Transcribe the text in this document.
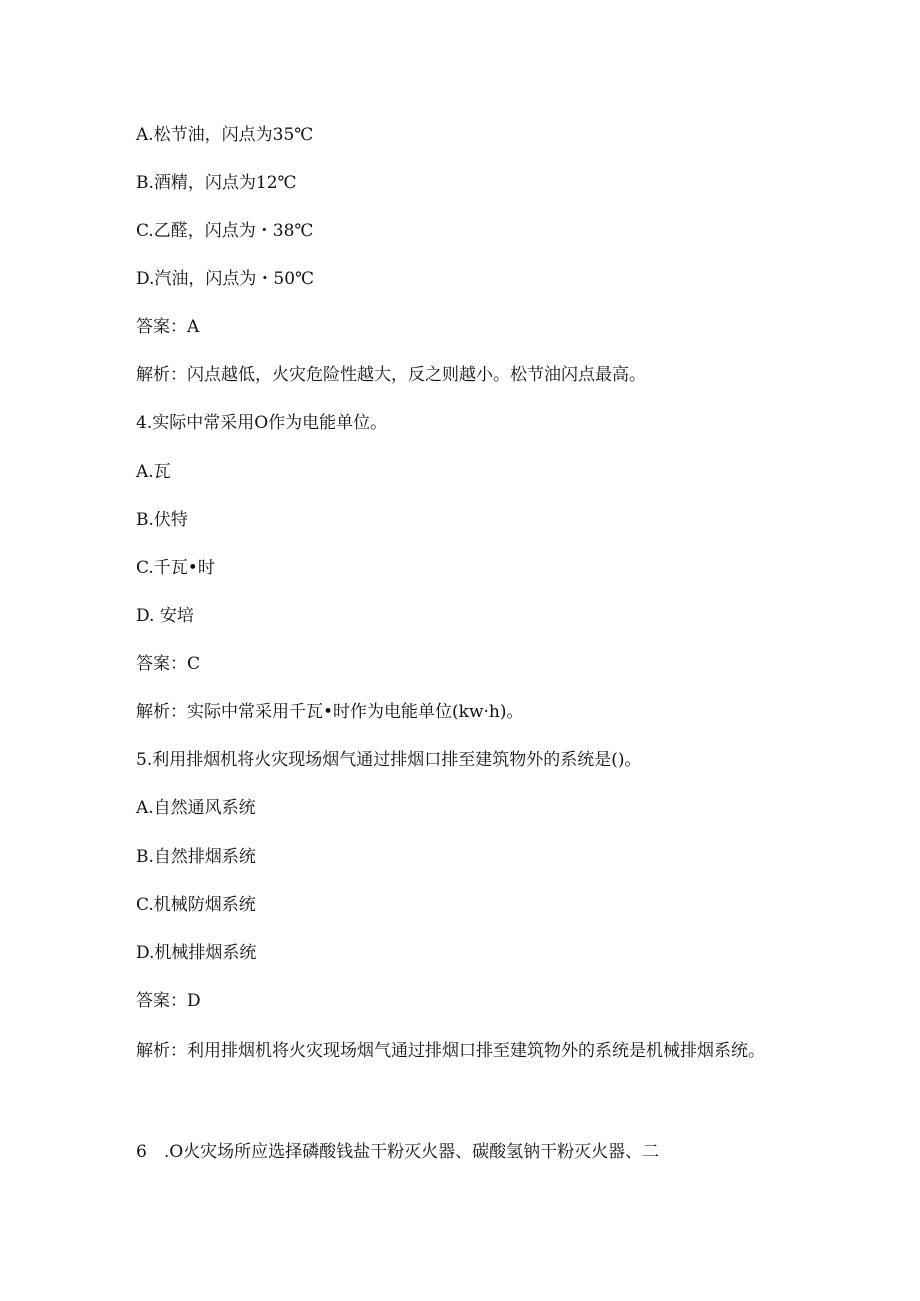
A.松节油，闪点为35℃
B.酒精，闪点为12℃
C.乙醛，闪点为・38℃
D.汽油，闪点为・50℃
答案：A
解析：闪点越低，火灾危险性越大，反之则越小。松节油闪点最高。
4.实际中常采用O作为电能单位。
A.瓦
B.伏特
C.千瓦•时
D. 安培
答案：C
解析：实际中常采用千瓦•时作为电能单位(kw·h)。
5.利用排烟机将火灾现场烟气通过排烟口排至建筑物外的系统是()。
A.自然通风系统
B.自然排烟系统
C.机械防烟系统
D.机械排烟系统
答案：D
解析：利用排烟机将火灾现场烟气通过排烟口排至建筑物外的系统是机械排烟系统。
6　.O火灾场所应选择磷酸钱盐干粉灭火器、碳酸氢钠干粉灭火器、二
